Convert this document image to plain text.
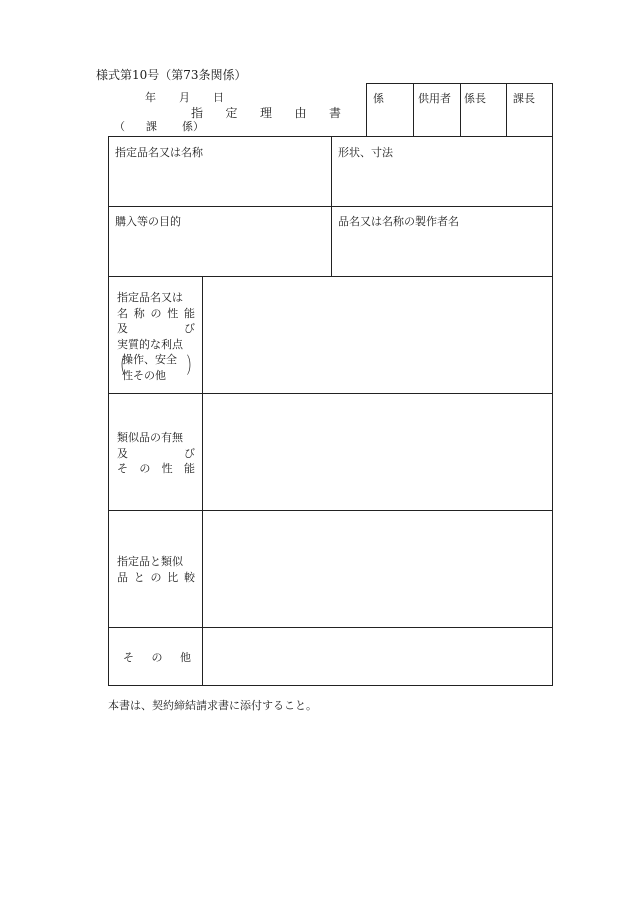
様式第10号（第73条関係）
年 月 日
指 定 理 由 書
（ 課 係）
係	供用者 係長 課長
指定品名又は名称	形状、寸法
購入等の目的	品名又は名称の製作者名
指定品名又は
名 称 の 性 能
及	び
実質的な利点
（
操作、安全
性その他 ）
類似品の有無
及	び
そ の 性 能
指定品と類似
品 と の 比 較
そ の 他
本書は、契約締結請求書に添付すること。
